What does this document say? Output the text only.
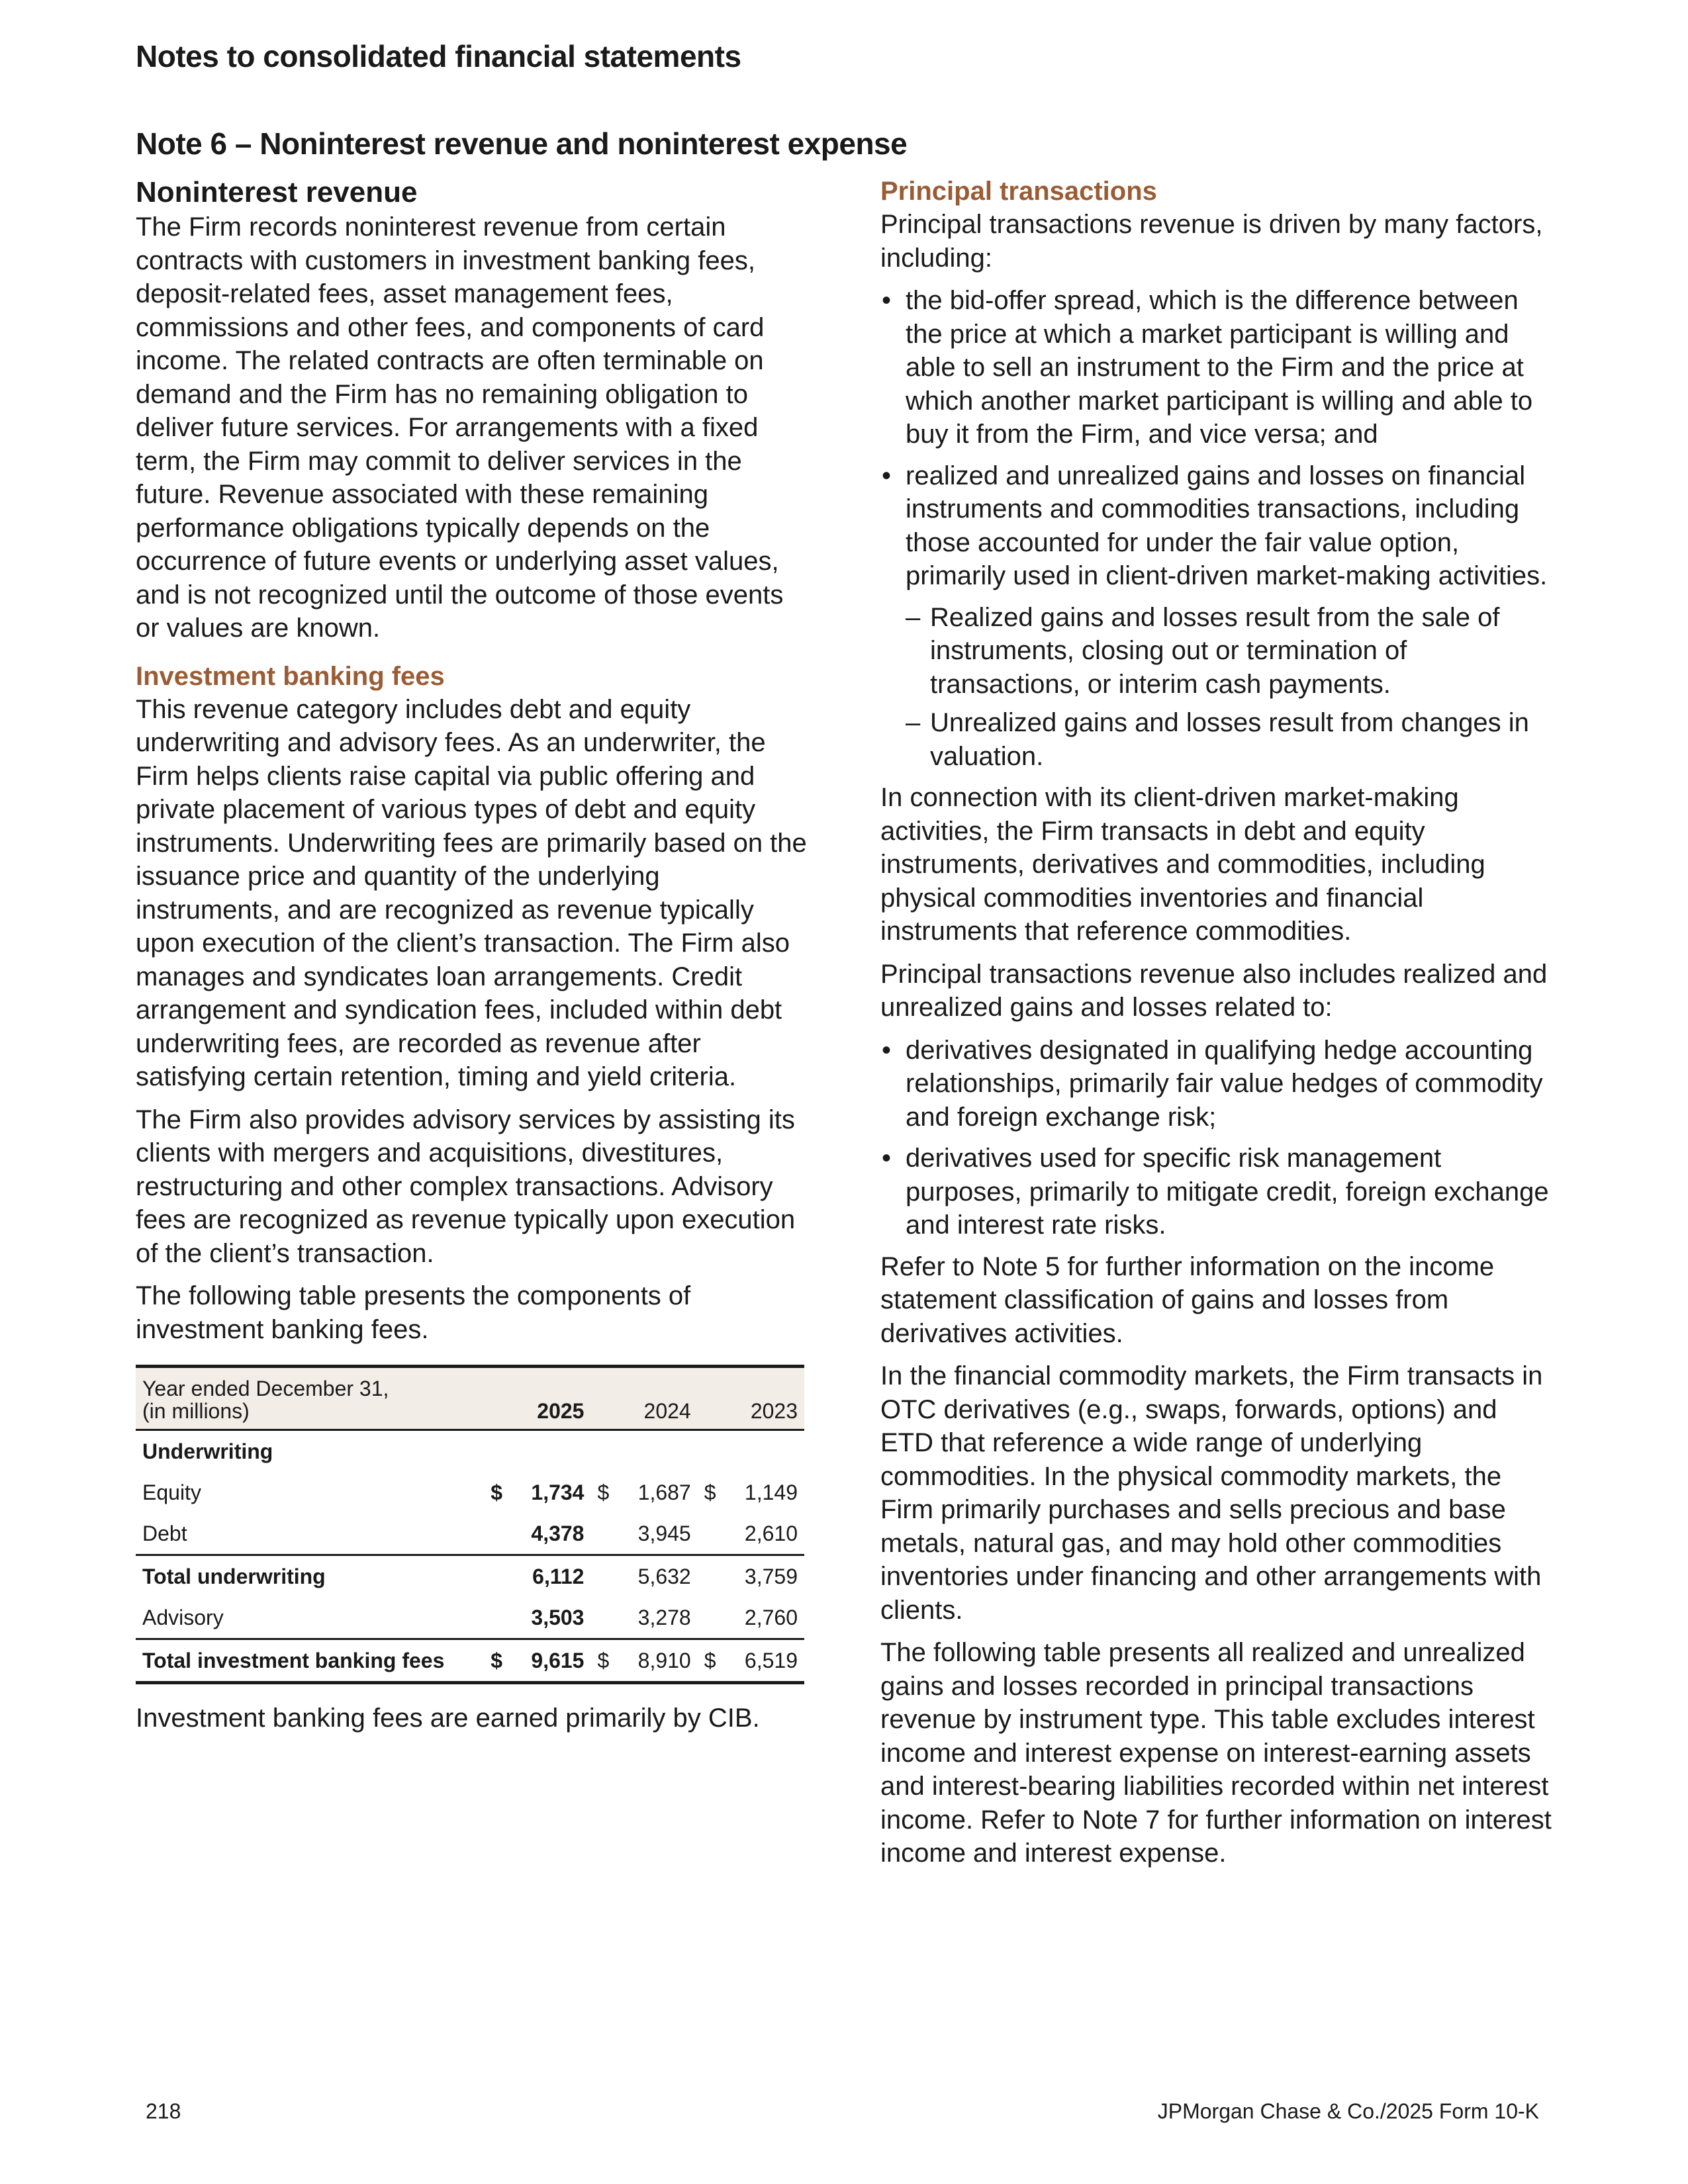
Notes to consolidated financial statements
Note 6 – Noninterest revenue and noninterest expense
Noninterest revenue

The Firm records noninterest revenue from certain contracts with customers in investment banking fees, deposit-related fees, asset management fees, commissions and other fees, and components of card income. The related contracts are often terminable on demand and the Firm has no remaining obligation to deliver future services. For arrangements with a fixed term, the Firm may commit to deliver services in the future. Revenue associated with these remaining performance obligations typically depends on the occurrence of future events or underlying asset values, and is not recognized until the outcome of those events or values are known.

Investment banking fees

This revenue category includes debt and equity underwriting and advisory fees. As an underwriter, the Firm helps clients raise capital via public offering and private placement of various types of debt and equity instruments. Underwriting fees are primarily based on the issuance price and quantity of the underlying instruments, and are recognized as revenue typically upon execution of the client’s transaction. The Firm also manages and syndicates loan arrangements. Credit arrangement and syndication fees, included within debt underwriting fees, are recorded as revenue after satisfying certain retention, timing and yield criteria.

The Firm also provides advisory services by assisting its clients with mergers and acquisitions, divestitures, restructuring and other complex transactions. Advisory fees are recognized as revenue typically upon execution of the client’s transaction.

The following table presents the components of investment banking fees.

Year ended December 31,
(in millions)		2025		2024		2023	
Underwriting							
Equity		$	1,734	$	1,687	$	1,149
Debt			4,378		3,945		2,610
Total underwriting			6,112		5,632		3,759
Advisory			3,503		3,278		2,760
Total investment banking fees		$	9,615	$	8,910	$	6,519

Investment banking fees are earned primarily by CIB.

Principal transactions

Principal transactions revenue is driven by many factors, including:

• the bid-offer spread, which is the difference between the price at which a market participant is willing and able to sell an instrument to the Firm and the price at which another market participant is willing and able to buy it from the Firm, and vice versa; and
• realized and unrealized gains and losses on financial instruments and commodities transactions, including those accounted for under the fair value option, primarily used in client-driven market-making activities.
– Realized gains and losses result from the sale of instruments, closing out or termination of transactions, or interim cash payments.
– Unrealized gains and losses result from changes in valuation.

In connection with its client-driven market-making activities, the Firm transacts in debt and equity instruments, derivatives and commodities, including physical commodities inventories and financial instruments that reference commodities.

Principal transactions revenue also includes realized and unrealized gains and losses related to:

• derivatives designated in qualifying hedge accounting relationships, primarily fair value hedges of commodity and foreign exchange risk;
• derivatives used for specific risk management purposes, primarily to mitigate credit, foreign exchange and interest rate risks.

Refer to Note 5 for further information on the income statement classification of gains and losses from derivatives activities.

In the financial commodity markets, the Firm transacts in OTC derivatives (e.g., swaps, forwards, options) and ETD that reference a wide range of underlying commodities. In the physical commodity markets, the Firm primarily purchases and sells precious and base metals, natural gas, and may hold other commodities inventories under financing and other arrangements with clients.

The following table presents all realized and unrealized gains and losses recorded in principal transactions revenue by instrument type. This table excludes interest income and interest expense on interest-earning assets and interest-bearing liabilities recorded within net interest income. Refer to Note 7 for further information on interest income and interest expense.

218	JPMorgan Chase & Co./2025 Form 10-K
